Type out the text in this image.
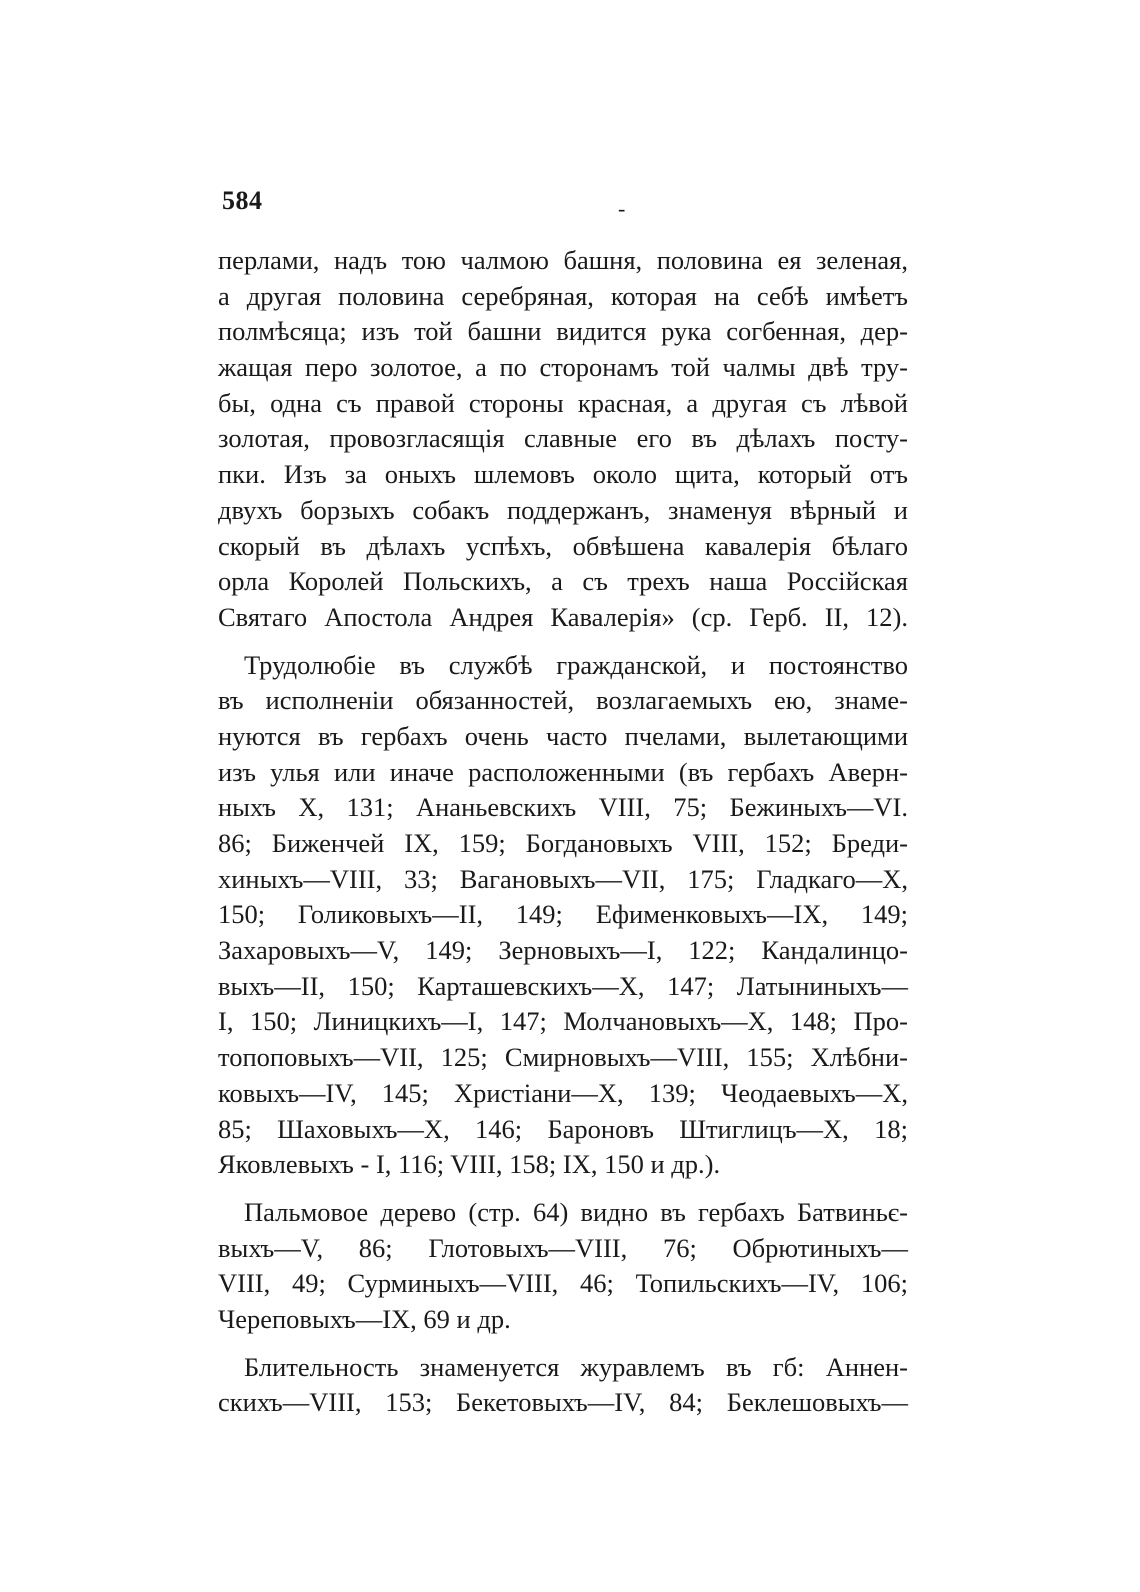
584	-
перлами, надъ тою чалмою башня, половина ея зеленая,
а другая половина серебряная, которая на себѣ имѣетъ
полмѣсяца; изъ той башни видится рука согбенная, дер-
жащая перо золотое, а по сторонамъ той чалмы двѣ тру-
бы, одна съ правой стороны красная, а другая съ лѣвой
золотая, провозгласящія славные его въ дѣлахъ посту-
пки. Изъ за оныхъ шлемовъ около щита, который отъ
двухъ борзыхъ собакъ поддержанъ, знаменуя вѣрный и
скорый въ дѣлахъ успѣхъ, обвѣшена кавалерія бѣлаго
орла Королей Польскихъ, а съ трехъ наша Россійская
Святаго Апостола Андрея Кавалерія» (ср. Герб. II, 12).
Трудолюбіе въ службѣ гражданской, и постоянство
въ исполненіи обязанностей, возлагаемыхъ ею, знаме-
нуются въ гербахъ очень часто пчелами, вылетающими
изъ улья или иначе расположенными (въ гербахъ Аверн-
ныхъ X, 131; Ананьевскихъ VIII, 75; Бежиныхъ—VI.
86; Биженчей IX, 159; Богдановыхъ VIII, 152; Бреди-
хиныхъ—VIII, 33; Вагановыхъ—VII, 175; Гладкаго—X,
150; Голиковыхъ—II, 149; Ефименковыхъ—IX, 149;
Захаровыхъ—V, 149; Зерновыхъ—I, 122; Кандалинцо-
выхъ—II, 150; Карташевскихъ—X, 147; Латыниныхъ—
I, 150; Линицкихъ—I, 147; Молчановыхъ—X, 148; Про-
топоповыхъ—VII, 125; Смирновыхъ—VIII, 155; Хлѣбни-
ковыхъ—IV, 145; Христіани—X, 139; Чеодаевыхъ—X,
85; Шаховыхъ—X, 146; Бароновъ Штиглицъ—X, 18;
Яковлевыхъ - I, 116; VIII, 158; IX, 150 и др.).
Пальмовое дерево (стр. 64) видно въ гербахъ Батвиньє-
выхъ—V, 86; Глотовыхъ—VIII, 76; Обрютиныхъ—
VIII, 49; Сурминыхъ—VIII, 46; Топильскихъ—IV, 106;
Череповыхъ—IX, 69 и др.
Блительность знаменуется журавлемъ въ гб: Аннен-
скихъ—VIII, 153; Бекетовыхъ—IV, 84; Беклешовыхъ—
